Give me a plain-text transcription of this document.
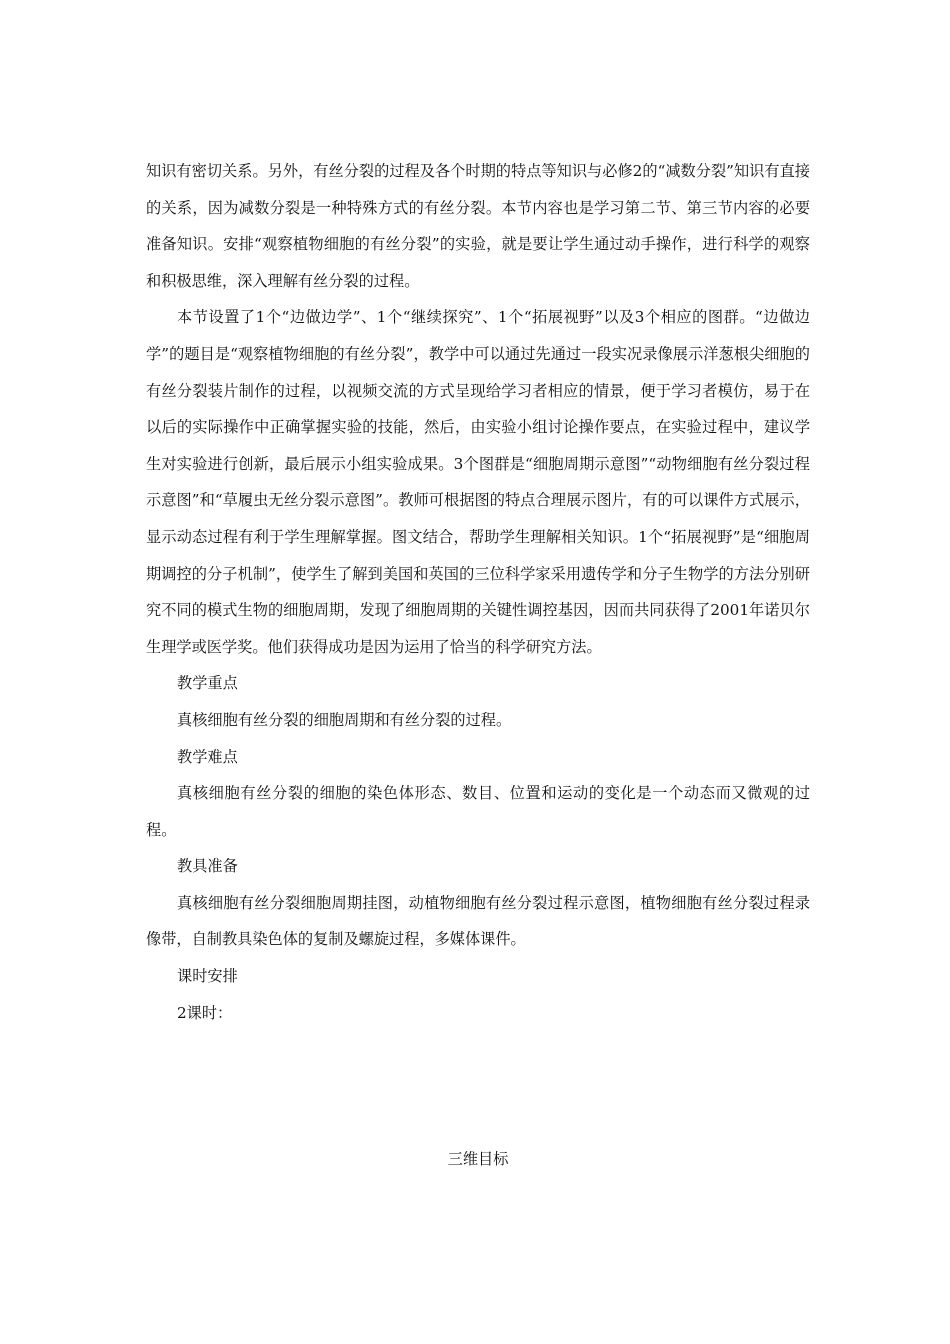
知识有密切关系。另外，有丝分裂的过程及各个时期的特点等知识与必修2的“减数分裂”知识有直接的关系，因为减数分裂是一种特殊方式的有丝分裂。本节内容也是学习第二节、第三节内容的必要准备知识。安排“观察植物细胞的有丝分裂”的实验，就是要让学生通过动手操作，进行科学的观察和积极思维，深入理解有丝分裂的过程。

本节设置了1个“边做边学”、1个“继续探究”、1个“拓展视野”以及3个相应的图群。“边做边学”的题目是“观察植物细胞的有丝分裂”，教学中可以通过先通过一段实况录像展示洋葱根尖细胞的有丝分裂装片制作的过程，以视频交流的方式呈现给学习者相应的情景，便于学习者模仿，易于在以后的实际操作中正确掌握实验的技能，然后，由实验小组讨论操作要点，在实验过程中，建议学生对实验进行创新，最后展示小组实验成果。3个图群是“细胞周期示意图”“动物细胞有丝分裂过程示意图”和“草履虫无丝分裂示意图”。教师可根据图的特点合理展示图片，有的可以课件方式展示，显示动态过程有利于学生理解掌握。图文结合，帮助学生理解相关知识。1个“拓展视野”是“细胞周期调控的分子机制”，使学生了解到美国和英国的三位科学家采用遗传学和分子生物学的方法分别研究不同的模式生物的细胞周期，发现了细胞周期的关键性调控基因，因而共同获得了2001年诺贝尔生理学或医学奖。他们获得成功是因为运用了恰当的科学研究方法。

教学重点

真核细胞有丝分裂的细胞周期和有丝分裂的过程。

教学难点

真核细胞有丝分裂的细胞的染色体形态、数目、位置和运动的变化是一个动态而又微观的过程。

教具准备

真核细胞有丝分裂细胞周期挂图，动植物细胞有丝分裂过程示意图，植物细胞有丝分裂过程录像带，自制教具染色体的复制及螺旋过程，多媒体课件。

课时安排

2课时：

三维目标
